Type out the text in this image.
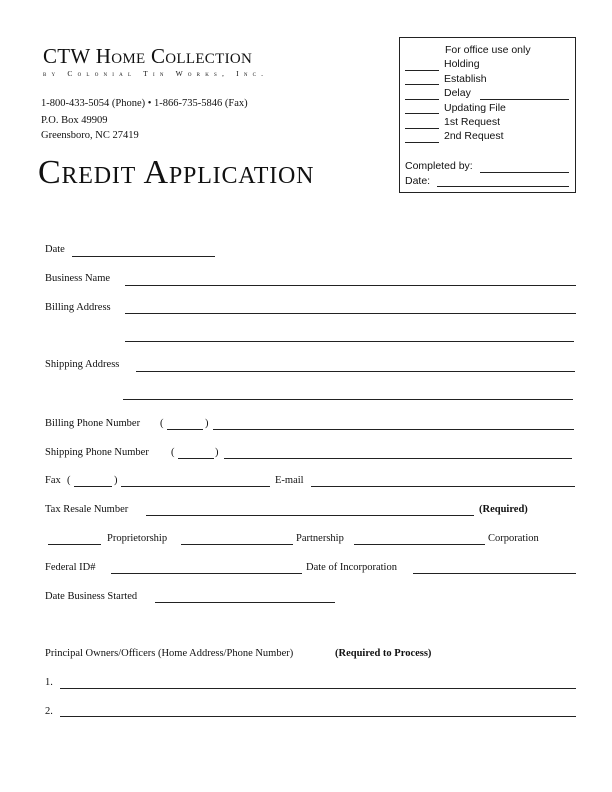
CTW Home Collection
by Colonial Tin Works, Inc.
1-800-433-5054 (Phone) • 1-866-735-5846 (Fax)
P.O. Box 49909
Greensboro, NC 27419
Credit Application
For office use only
Holding
Establish
Delay
Updating File
1st Request
2nd Request
Completed by:
Date:
Date
Business Name
Billing Address
Shipping Address
Billing Phone Number (	)
Shipping Phone Number (	)
Fax (	)	E-mail
Tax Resale Number	(Required)
Proprietorship	Partnership	Corporation
Federal ID#	Date of Incorporation
Date Business Started
Principal Owners/Officers (Home Address/Phone Number)	(Required to Process)
1.
2.
